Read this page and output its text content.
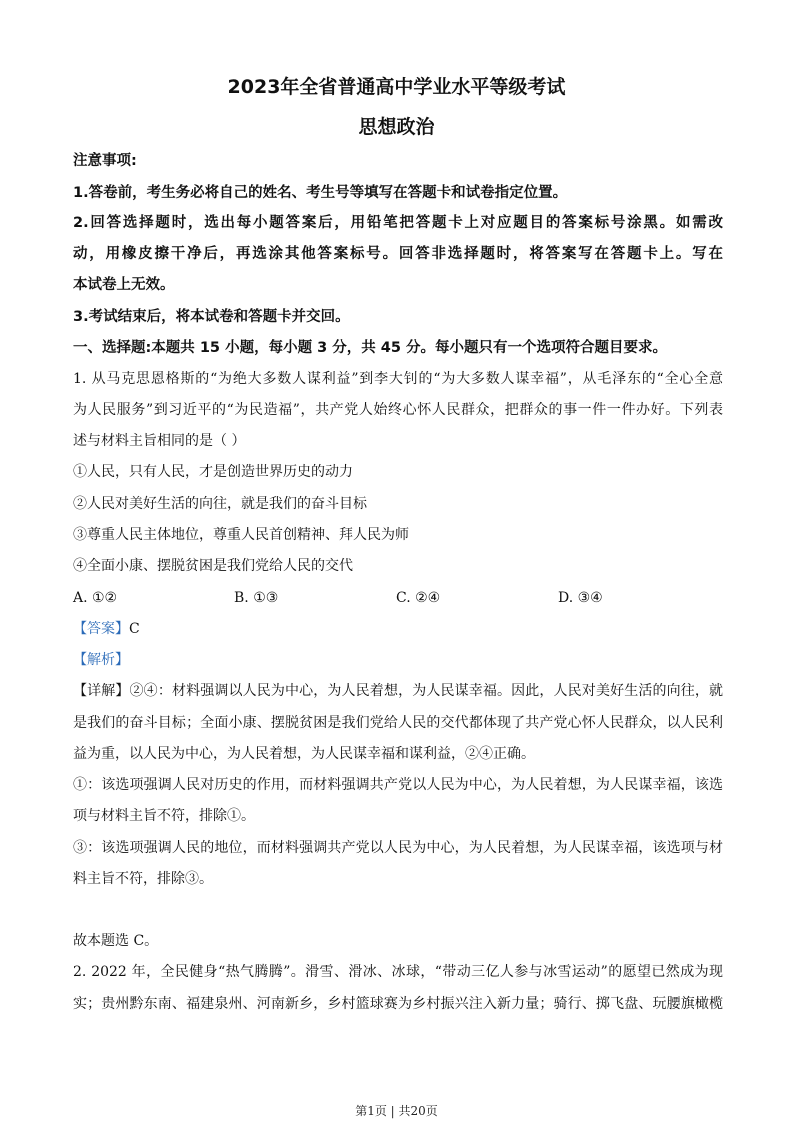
2023年全省普通高中学业水平等级考试
思想政治
注意事项:
1.答卷前，考生务必将自己的姓名、考生号等填写在答题卡和试卷指定位置。
2.回答选择题时，选出每小题答案后，用铅笔把答题卡上对应题目的答案标号涂黑。如需改
动，用橡皮擦干净后，再选涂其他答案标号。回答非选择题时，将答案写在答题卡上。写在
本试卷上无效。
3.考试结束后，将本试卷和答题卡并交回。
一、选择题:本题共 15 小题，每小题 3 分，共 45 分。每小题只有一个选项符合题目要求。
1. 从马克思恩格斯的“为绝大多数人谋利益”到李大钊的“为大多数人谋幸福”，从毛泽东的“全心全意
为人民服务”到习近平的“为民造福”，共产党人始终心怀人民群众，把群众的事一件一件办好。下列表
述与材料主旨相同的是（ ）
①人民，只有人民，才是创造世界历史的动力
②人民对美好生活的向往，就是我们的奋斗目标
③尊重人民主体地位，尊重人民首创精神、拜人民为师
④全面小康、摆脱贫困是我们党给人民的交代
A. ①②	B. ①③	C. ②④	D. ③④
【答案】C
【解析】
【详解】②④：材料强调以人民为中心，为人民着想，为人民谋幸福。因此，人民对美好生活的向往，就
是我们的奋斗目标；全面小康、摆脱贫困是我们党给人民的交代都体现了共产党心怀人民群众，以人民利
益为重，以人民为中心，为人民着想，为人民谋幸福和谋利益，②④正确。
①：该选项强调人民对历史的作用，而材料强调共产党以人民为中心，为人民着想，为人民谋幸福，该选
项与材料主旨不符，排除①。
③：该选项强调人民的地位，而材料强调共产党以人民为中心，为人民着想，为人民谋幸福，该选项与材
料主旨不符，排除③。
故本题选 C。
2. 2022 年，全民健身“热气腾腾”。滑雪、滑冰、冰球，“带动三亿人参与冰雪运动”的愿望已然成为现
实；贵州黔东南、福建泉州、河南新乡，乡村篮球赛为乡村振兴注入新力量；骑行、掷飞盘、玩腰旗橄榄
第1页 | 共20页
